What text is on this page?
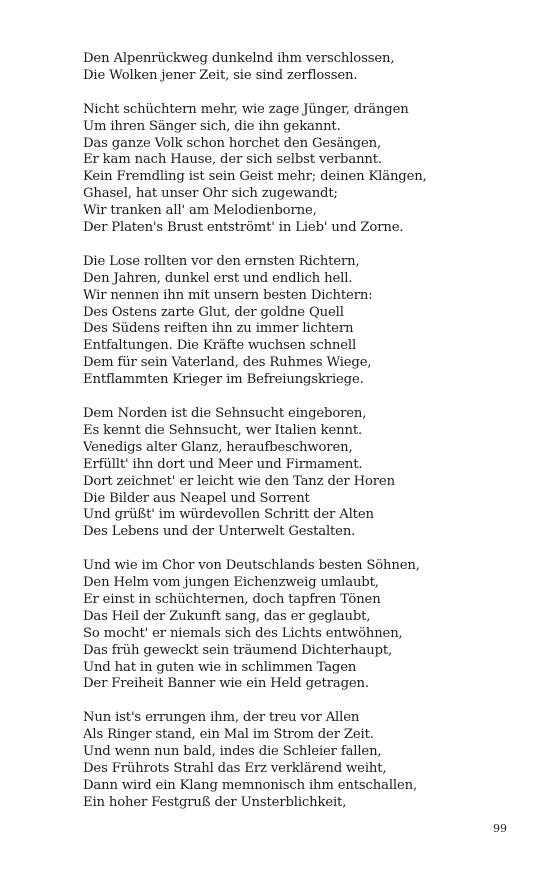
Den Alpenrückweg dunkelnd ihm verschlossen,
Die Wolken jener Zeit, sie sind zerflossen.
Nicht schüchtern mehr, wie zage Jünger, drängen
Um ihren Sänger sich, die ihn gekannt.
Das ganze Volk schon horchet den Gesängen,
Er kam nach Hause, der sich selbst verbannt.
Kein Fremdling ist sein Geist mehr; deinen Klängen,
Ghasel, hat unser Ohr sich zugewandt;
Wir tranken all' am Melodienborne,
Der Platen's Brust entströmt' in Lieb' und Zorne.
Die Lose rollten vor den ernsten Richtern,
Den Jahren, dunkel erst und endlich hell.
Wir nennen ihn mit unsern besten Dichtern:
Des Ostens zarte Glut, der goldne Quell
Des Südens reiften ihn zu immer lichtern
Entfaltungen. Die Kräfte wuchsen schnell
Dem für sein Vaterland, des Ruhmes Wiege,
Entflammten Krieger im Befreiungskriege.
Dem Norden ist die Sehnsucht eingeboren,
Es kennt die Sehnsucht, wer Italien kennt.
Venedigs alter Glanz, heraufbeschworen,
Erfüllt' ihn dort und Meer und Firmament.
Dort zeichnet' er leicht wie den Tanz der Horen
Die Bilder aus Neapel und Sorrent
Und grüßt' im würdevollen Schritt der Alten
Des Lebens und der Unterwelt Gestalten.
Und wie im Chor von Deutschlands besten Söhnen,
Den Helm vom jungen Eichenzweig umlaubt,
Er einst in schüchternen, doch tapfren Tönen
Das Heil der Zukunft sang, das er geglaubt,
So mocht' er niemals sich des Lichts entwöhnen,
Das früh geweckt sein träumend Dichterhaupt,
Und hat in guten wie in schlimmen Tagen
Der Freiheit Banner wie ein Held getragen.
Nun ist's errungen ihm, der treu vor Allen
Als Ringer stand, ein Mal im Strom der Zeit.
Und wenn nun bald, indes die Schleier fallen,
Des Frührots Strahl das Erz verklärend weiht,
Dann wird ein Klang memnonisch ihm entschallen,
Ein hoher Festgruß der Unsterblichkeit,
99
